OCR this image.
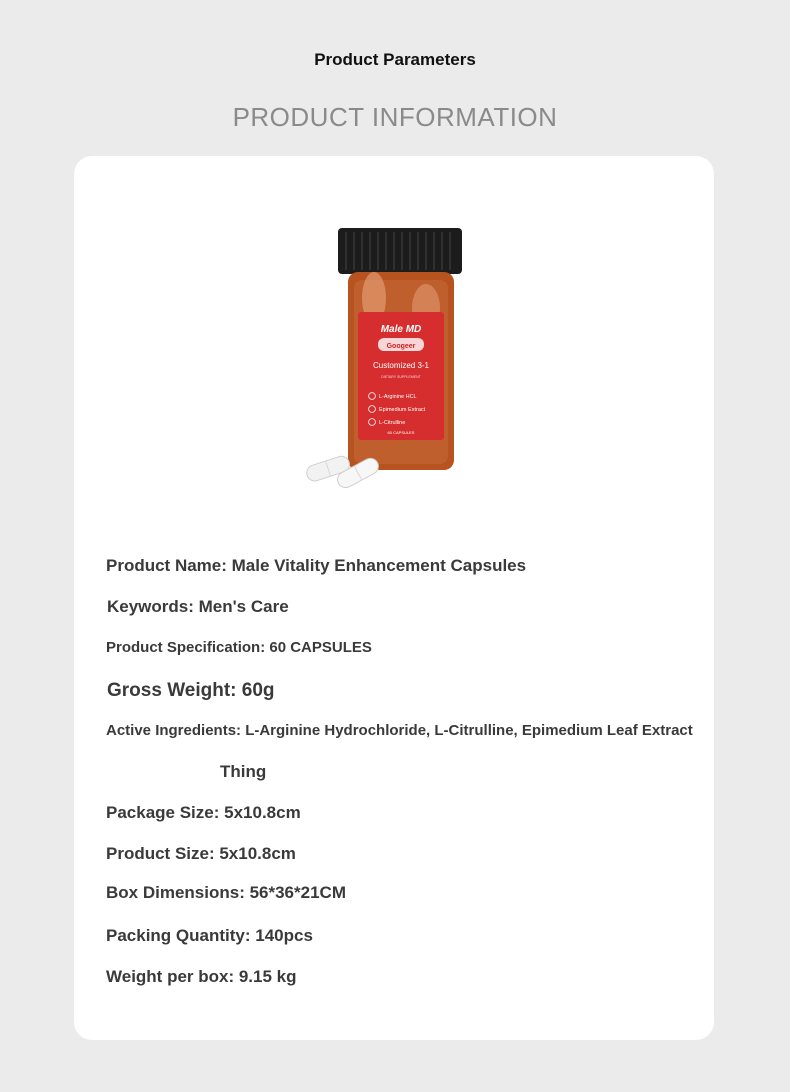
Product Parameters
PRODUCT INFORMATION
Male MD
Googeer
Customized 3-1
DIETARY SUPPLEMENT
L-Arginine HCL
Epimedium Extract
L-Citrulline
60 CAPSULES
Product Name: Male Vitality Enhancement Capsules
Keywords: Men's Care
Product Specification: 60 CAPSULES
Gross Weight: 60g
Active Ingredients: L-Arginine Hydrochloride, L-Citrulline, Epimedium Leaf Extract
Thing
Package Size: 5x10.8cm
Product Size: 5x10.8cm
Box Dimensions: 56*36*21CM
Packing Quantity: 140pcs
Weight per box: 9.15 kg
